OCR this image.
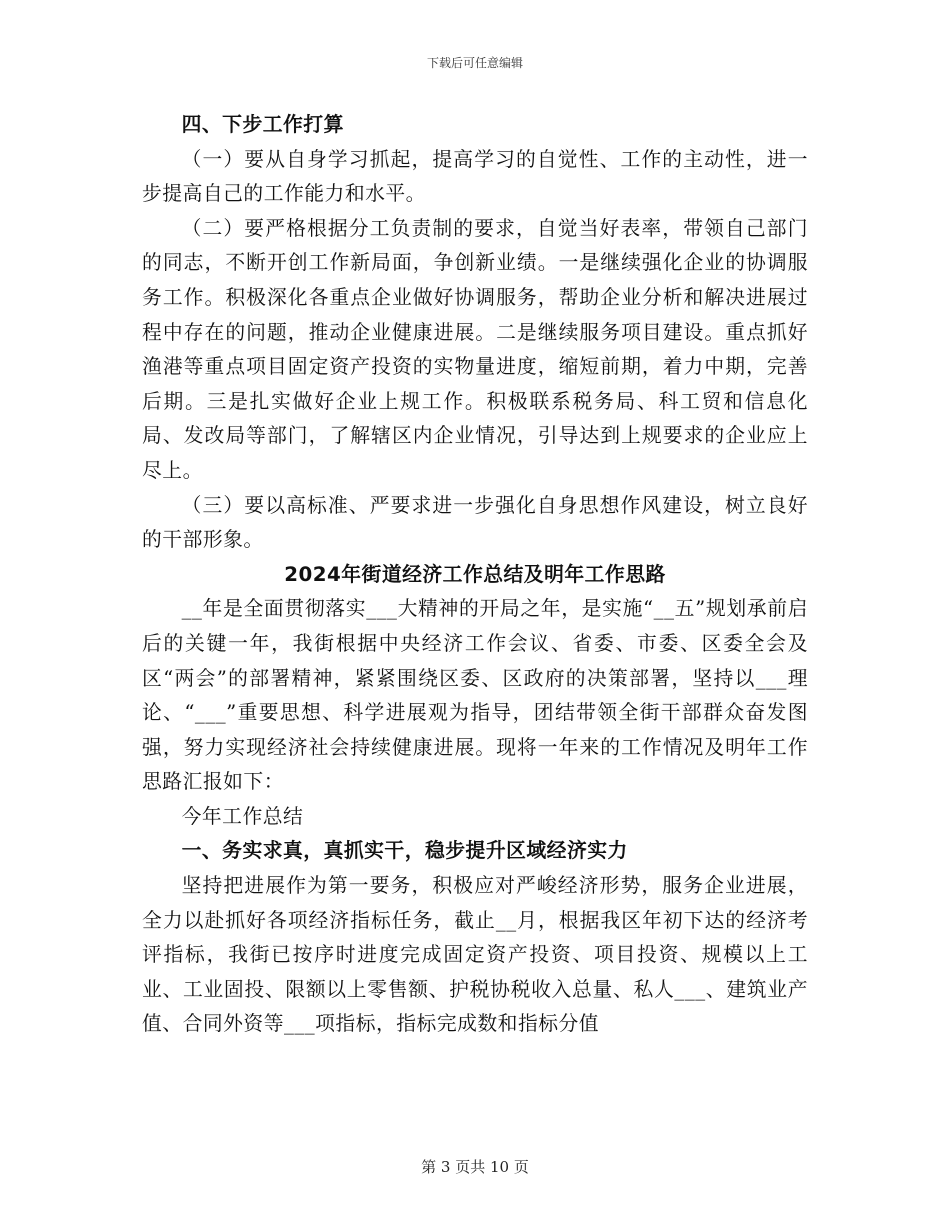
下载后可任意编辑

四、下步工作打算

（一）要从自身学习抓起，提高学习的自觉性、工作的主动性，进一步提高自己的工作能力和水平。

（二）要严格根据分工负责制的要求，自觉当好表率，带领自己部门的同志，不断开创工作新局面，争创新业绩。一是继续强化企业的协调服务工作。积极深化各重点企业做好协调服务，帮助企业分析和解决进展过程中存在的问题，推动企业健康进展。二是继续服务项目建设。重点抓好渔港等重点项目固定资产投资的实物量进度，缩短前期，着力中期，完善后期。三是扎实做好企业上规工作。积极联系税务局、科工贸和信息化局、发改局等部门，了解辖区内企业情况，引导达到上规要求的企业应上尽上。

（三）要以高标准、严要求进一步强化自身思想作风建设，树立良好的干部形象。

2024年街道经济工作总结及明年工作思路

__年是全面贯彻落实___大精神的开局之年，是实施“__五”规划承前启后的关键一年，我街根据中央经济工作会议、省委、市委、区委全会及区“两会”的部署精神，紧紧围绕区委、区政府的决策部署，坚持以___理论、“___”重要思想、科学进展观为指导，团结带领全街干部群众奋发图强，努力实现经济社会持续健康进展。现将一年来的工作情况及明年工作思路汇报如下：

今年工作总结

一、务实求真，真抓实干，稳步提升区域经济实力

坚持把进展作为第一要务，积极应对严峻经济形势，服务企业进展，全力以赴抓好各项经济指标任务，截止__月，根据我区年初下达的经济考评指标，我街已按序时进度完成固定资产投资、项目投资、规模以上工业、工业固投、限额以上零售额、护税协税收入总量、私人___、建筑业产值、合同外资等___项指标，指标完成数和指标分值

第 3 页共 10 页
